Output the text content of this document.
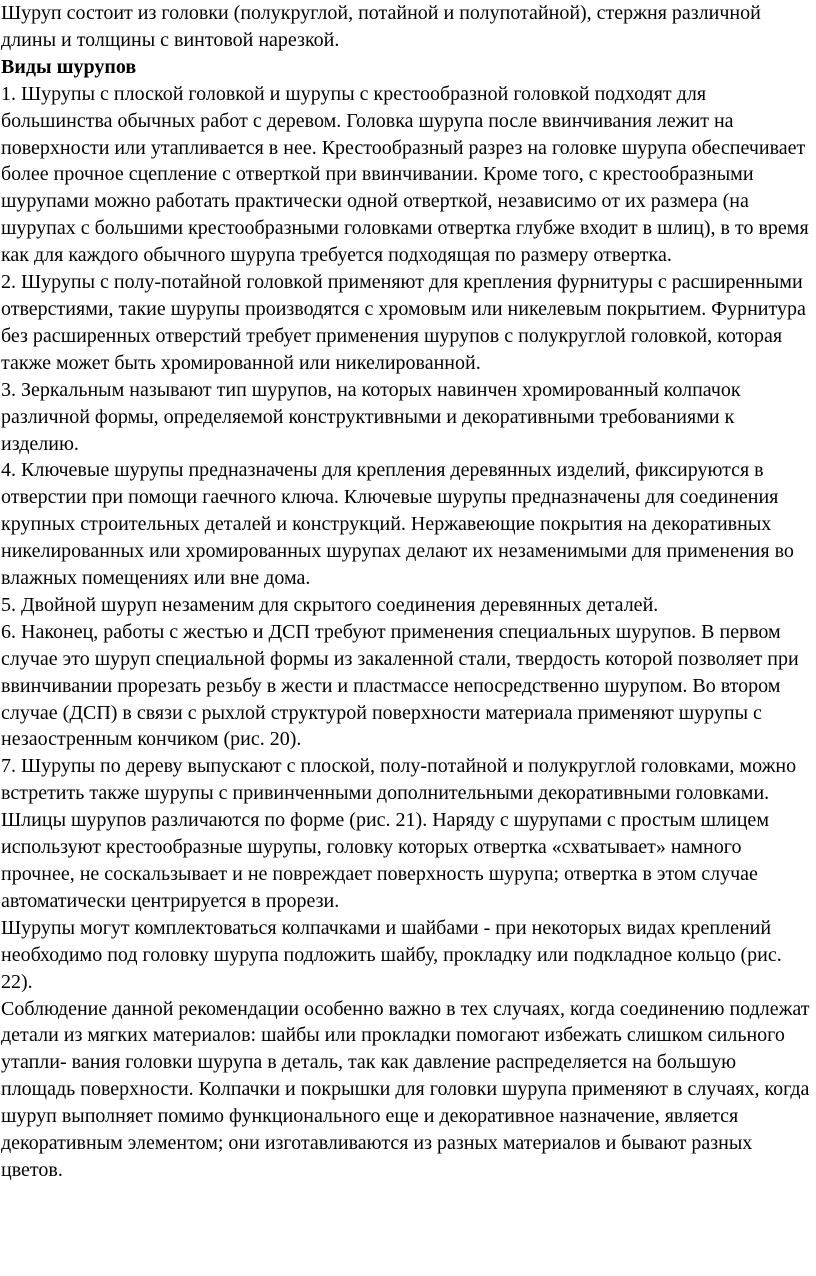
Шуруп состоит из головки (полукруглой, потайной и полупотайной), стержня различной длины и толщины с винтовой нарезкой.

Виды шурупов

1. Шурупы с плоской головкой и шурупы с крестообразной головкой подходят для большинства обычных работ с деревом. Головка шурупа после ввинчивания лежит на поверхности или утапливается в нее. Крестообразный разрез на головке шурупа обеспечивает более прочное сцепление с отверткой при ввинчивании. Кроме того, с крестообразными шурупами можно работать практически одной отверткой, независимо от их размера (на шурупах с большими крестообразными головками отвертка глубже входит в шлиц), в то время как для каждого обычного шурупа требуется подходящая по размеру отвертка.

2. Шурупы с полу-потайной головкой применяют для крепления фурнитуры с расширенными отверстиями, такие шурупы производятся с хромовым или никелевым покрытием. Фурнитура без расширенных отверстий требует применения шурупов с полукруглой головкой, которая также может быть хромированной или никелированной.

3. Зеркальным называют тип шурупов, на которых навинчен хромированный колпачок различной формы, определяемой конструктивными и декоративными требованиями к изделию.

4. Ключевые шурупы предназначены для крепления деревянных изделий, фиксируются в отверстии при помощи гаечного ключа. Ключевые шурупы предназначены для соединения крупных строительных деталей и конструкций. Нержавеющие покрытия на декоративных никелированных или хромированных шурупах делают их незаменимыми для применения во влажных помещениях или вне дома.

5. Двойной шуруп незаменим для скрытого соединения деревянных деталей.

6. Наконец, работы с жестью и ДСП требуют применения специальных шурупов. В первом случае это шуруп специальной формы из закаленной стали, твердость которой позволяет при ввинчивании прорезать резьбу в жести и пластмассе непосредственно шурупом. Во втором случае (ДСП) в связи с рыхлой структурой поверхности материала применяют шурупы с незаостренным кончиком (рис. 20).

7. Шурупы по дереву выпускают с плоской, полу-потайной и полукруглой головками, можно встретить также шурупы с привинченными дополнительными декоративными головками.

Шлицы шурупов различаются по форме (рис. 21). Наряду с шурупами с простым шлицем используют крестообразные шурупы, головку которых отвертка «схватывает» намного прочнее, не соскальзывает и не повреждает поверхность шурупа; отвертка в этом случае автоматически центрируется в прорези.

Шурупы могут комплектоваться колпачками и шайбами - при некоторых видах креплений необходимо под головку шурупа подложить шайбу, прокладку или подкладное кольцо (рис. 22).

Соблюдение данной рекомендации особенно важно в тех случаях, когда соединению подлежат детали из мягких материалов: шайбы или прокладки помогают избежать слишком сильного утапли- вания головки шурупа в деталь, так как давление распределяется на большую площадь поверхности. Колпачки и покрышки для головки шурупа применяют в случаях, когда шуруп выполняет помимо функционального еще и декоративное назначение, является декоративным элементом; они изготавливаются из разных материалов и бывают разных цветов.
